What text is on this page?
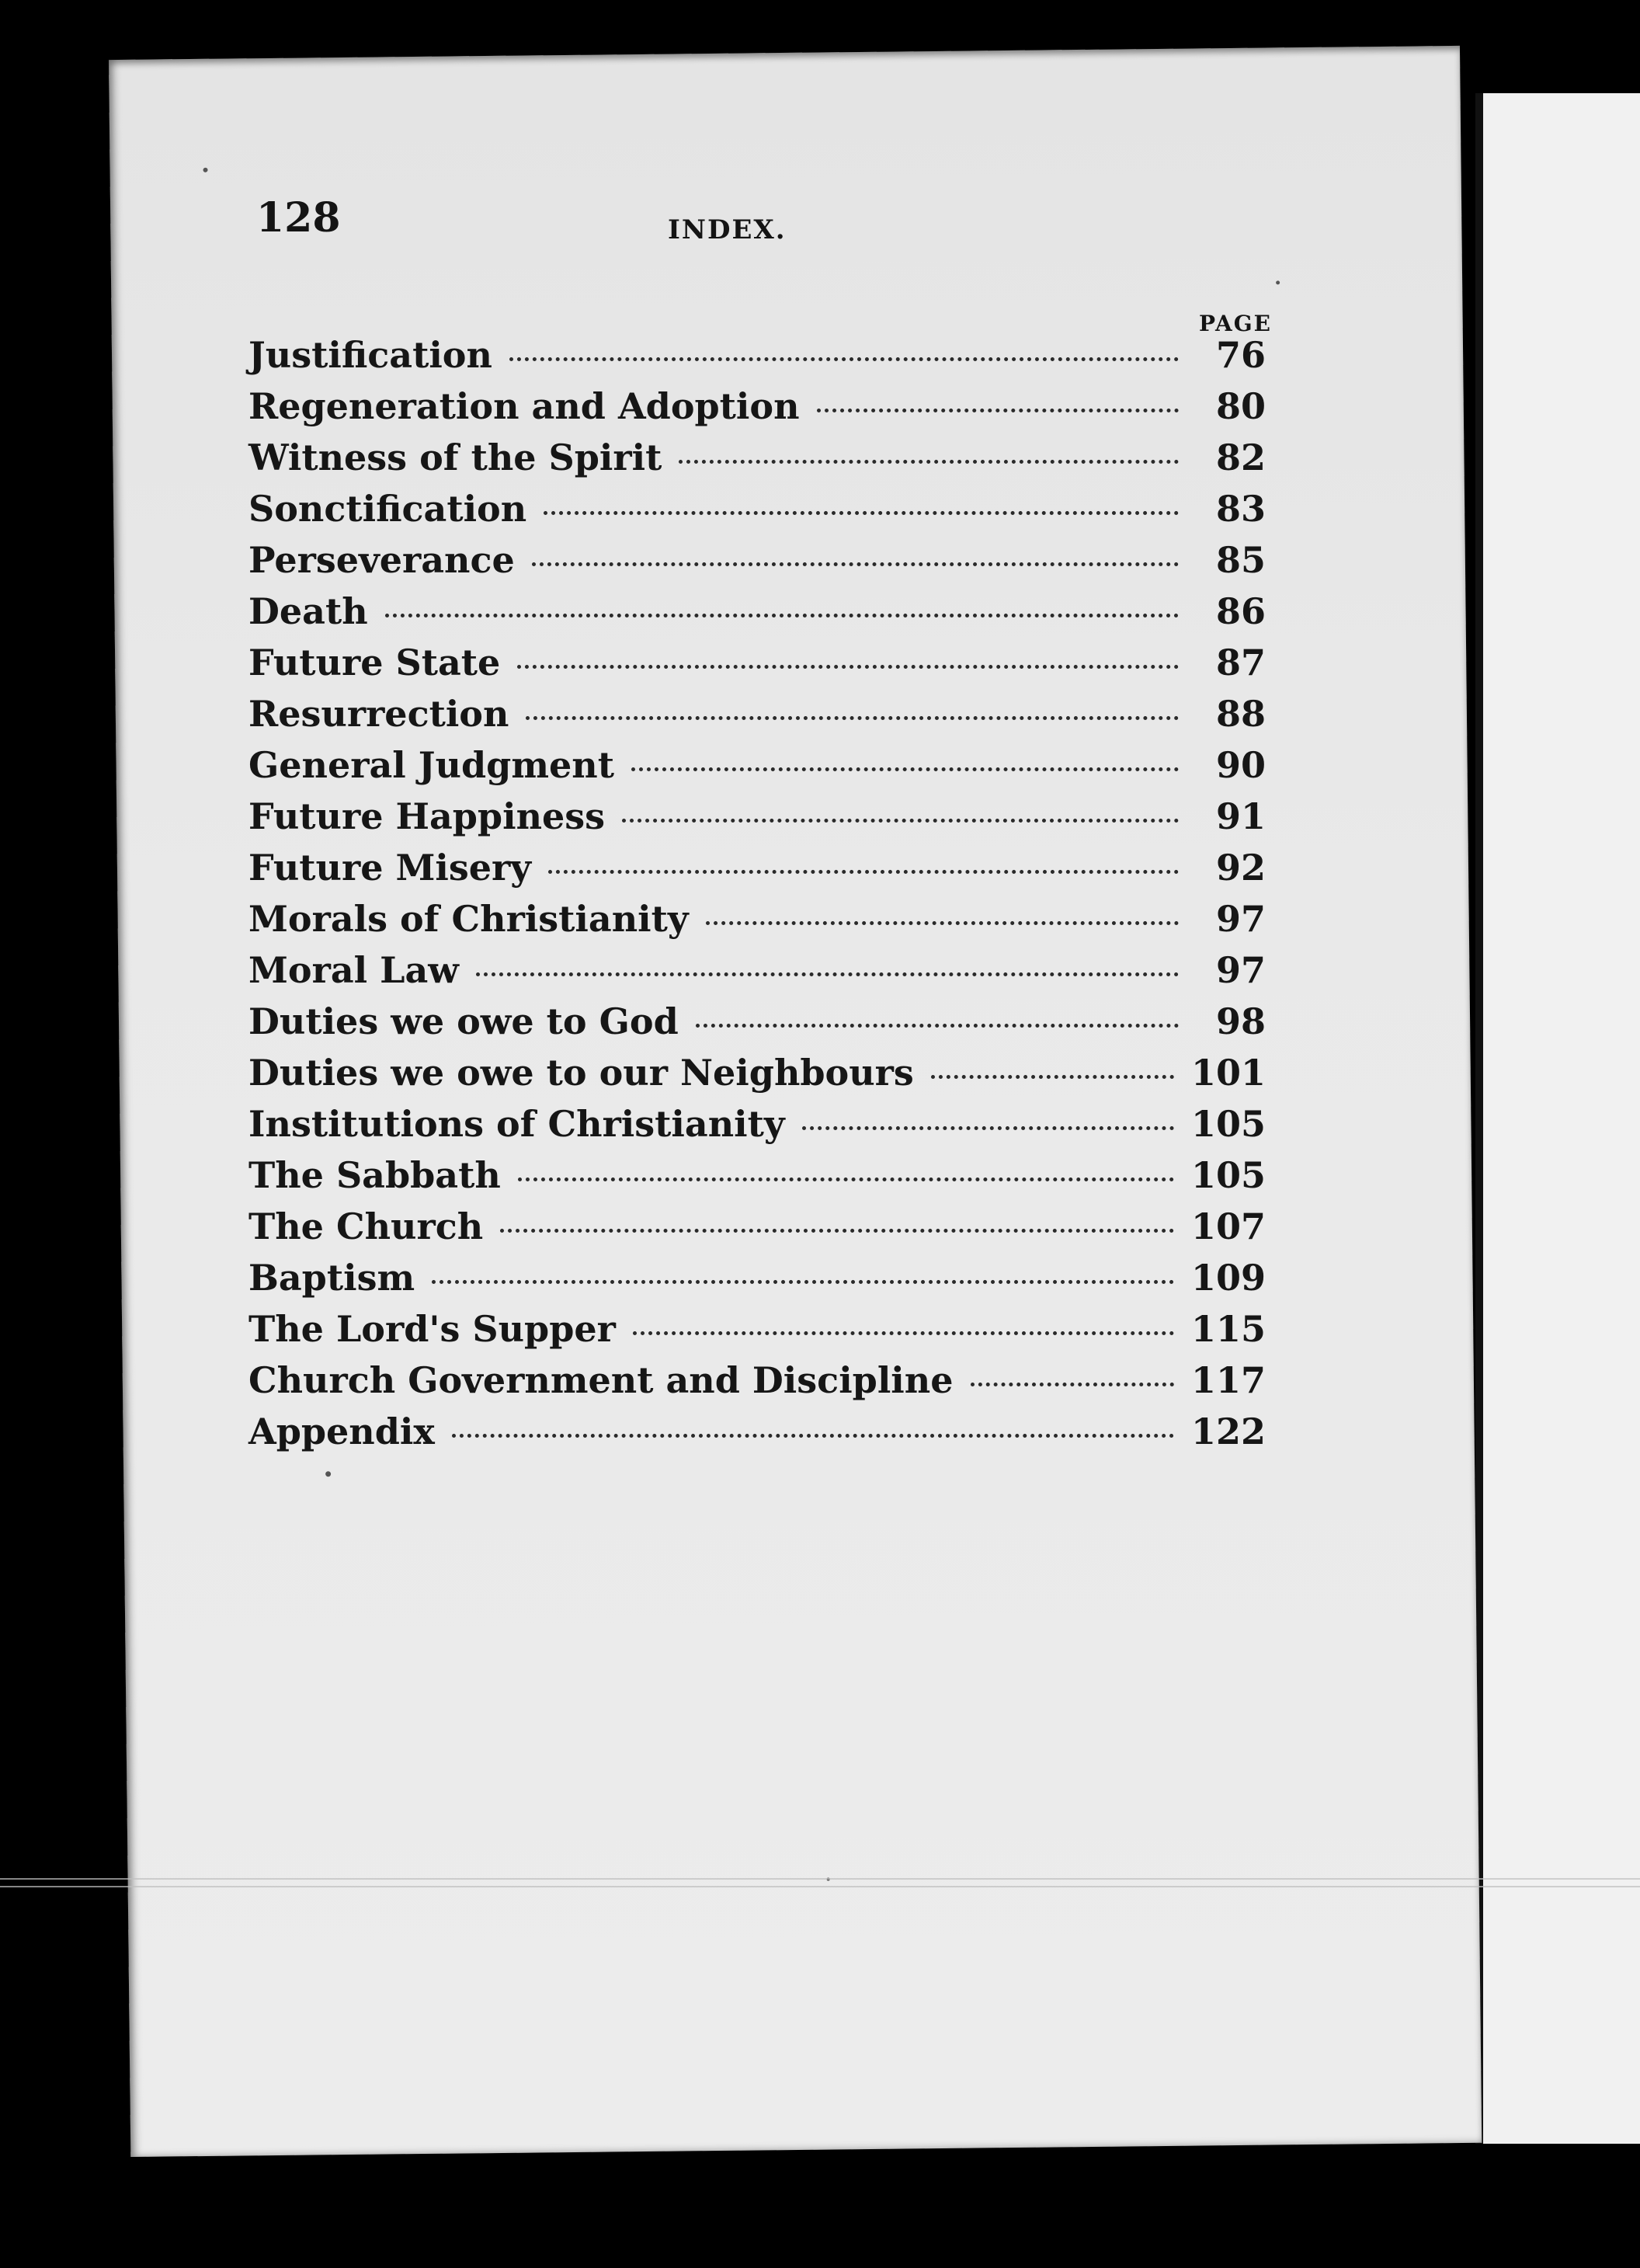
128	INDEX.
PAGE
Justification	76
Regeneration and Adoption	80
Witness of the Spirit	82
Sonctification	83
Perseverance	85
Death	86
Future State	87
Resurrection	88
General Judgment	90
Future Happiness	91
Future Misery	92
Morals of Christianity	97
Moral Law	97
Duties we owe to God	98
Duties we owe to our Neighbours	101
Institutions of Christianity	105
The Sabbath	105
The Church	107
Baptism	109
The Lord's Supper	115
Church Government and Discipline	117
Appendix	122
